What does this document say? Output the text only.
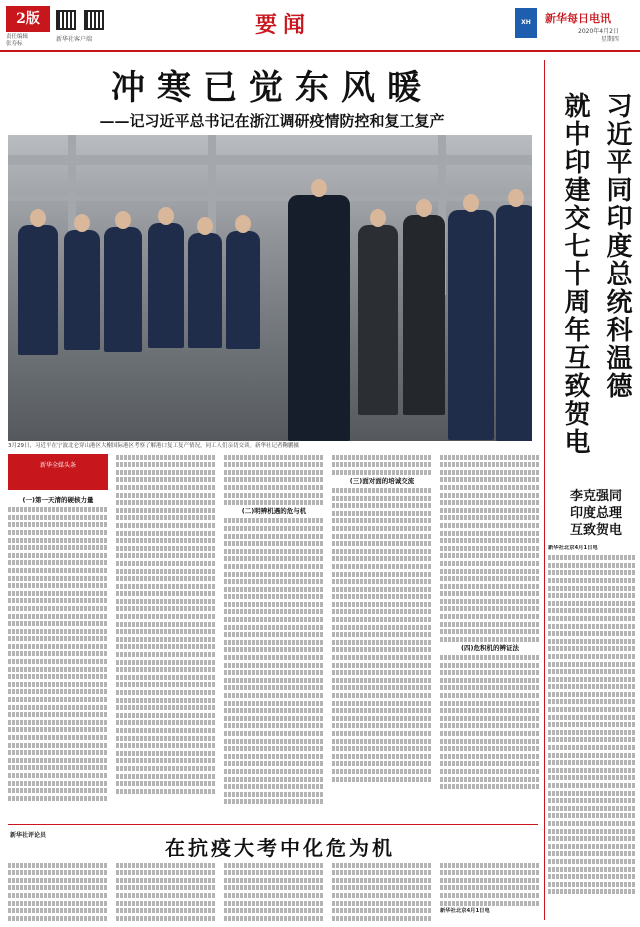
2版
责任编辑
张寿标
新华社客户端
要闻	XH	新华每日电讯
2020年4月2日
星期四
冲寒已觉东风暖
——记习近平总书记在浙江调研疫情防控和复工复产
3月29日，习近平在宁波北仑穿山港区大榭国际港区考察了解港口复工复产情况，同工人们亲切交谈。新华社记者鞠鹏摄
新华全媒头条
(一)第一天清的硬核力量
(二)明辨机遇的危与机
(三)面对面的培诚交流
(四)危积机的辨证法
习近平同印度总统科温德
就中印建交七十周年互致贺电
李克强同
印度总理
互致贺电
新华社北京4月1日电
新华社评论员
在抗疫大考中化危为机
新华社北京4月1日电
